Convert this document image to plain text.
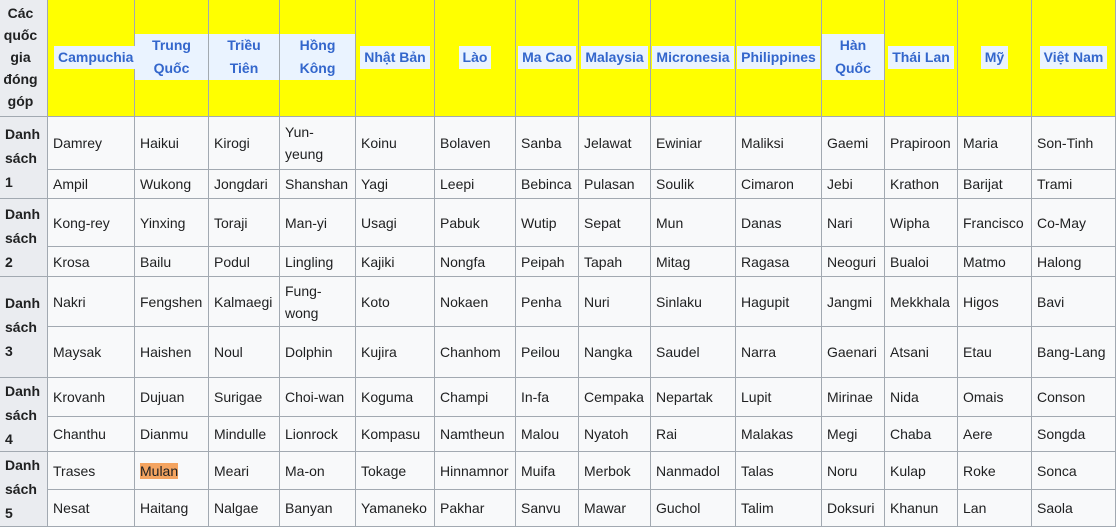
Các quốc gia đóng góp	Campuchia	Trung Quốc	Triều Tiên	Hồng Kông	Nhật Bản	Lào	Ma Cao	Malaysia	Micronesia	Philippines	Hàn Quốc	Thái Lan	Mỹ	Việt Nam
Danh sách 1	Damrey	Haikui	Kirogi	Yun-yeung	Koinu	Bolaven	Sanba	Jelawat	Ewiniar	Maliksi	Gaemi	Prapiroon	Maria	Son-Tinh
	Ampil	Wukong	Jongdari	Shanshan	Yagi	Leepi	Bebinca	Pulasan	Soulik	Cimaron	Jebi	Krathon	Barijat	Trami
Danh sách 2	Kong-rey	Yinxing	Toraji	Man-yi	Usagi	Pabuk	Wutip	Sepat	Mun	Danas	Nari	Wipha	Francisco	Co-May
	Krosa	Bailu	Podul	Lingling	Kajiki	Nongfa	Peipah	Tapah	Mitag	Ragasa	Neoguri	Bualoi	Matmo	Halong
Danh sách 3	Nakri	Fengshen	Kalmaegi	Fung-wong	Koto	Nokaen	Penha	Nuri	Sinlaku	Hagupit	Jangmi	Mekkhala	Higos	Bavi
	Maysak	Haishen	Noul	Dolphin	Kujira	Chanhom	Peilou	Nangka	Saudel	Narra	Gaenari	Atsani	Etau	Bang-Lang
Danh sách 4	Krovanh	Dujuan	Surigae	Choi-wan	Koguma	Champi	In-fa	Cempaka	Nepartak	Lupit	Mirinae	Nida	Omais	Conson
	Chanthu	Dianmu	Mindulle	Lionrock	Kompasu	Namtheun	Malou	Nyatoh	Rai	Malakas	Megi	Chaba	Aere	Songda
Danh sách 5	Trases	Mulan	Meari	Ma-on	Tokage	Hinnamnor	Muifa	Merbok	Nanmadol	Talas	Noru	Kulap	Roke	Sonca
	Nesat	Haitang	Nalgae	Banyan	Yamaneko	Pakhar	Sanvu	Mawar	Guchol	Talim	Doksuri	Khanun	Lan	Saola
